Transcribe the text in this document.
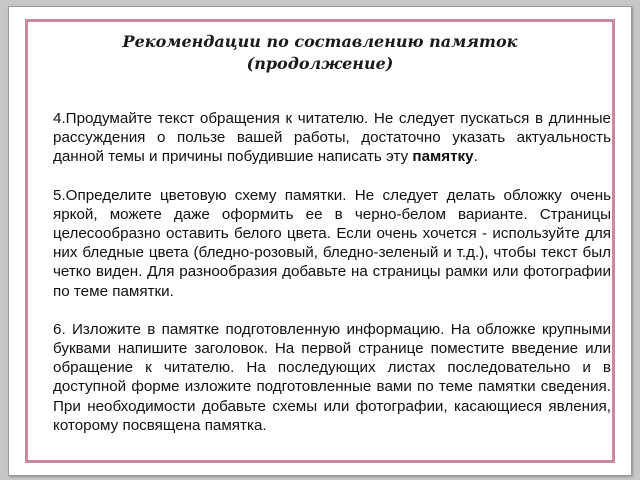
Рекомендации по составлению памяток
(продолжение)

4.Продумайте текст обращения к читателю. Не следует пускаться в длинные рассуждения о пользе вашей работы, достаточно указать актуальность данной темы и причины побудившие написать эту памятку.

5.Определите цветовую схему памятки. Не следует делать обложку очень яркой, можете даже оформить ее в черно-белом варианте. Страницы целесообразно оставить белого цвета. Если очень хочется - используйте для них бледные цвета (бледно-розовый, бледно-зеленый и т.д.), чтобы текст был четко виден. Для разнообразия добавьте на страницы рамки или фотографии по теме памятки.

6. Изложите в памятке подготовленную информацию. На обложке крупными буквами напишите заголовок. На первой странице поместите введение или обращение к читателю. На последующих листах последовательно и в доступной форме изложите подготовленные вами по теме памятки сведения. При необходимости добавьте схемы или фотографии, касающиеся явления, которому посвящена памятка.
